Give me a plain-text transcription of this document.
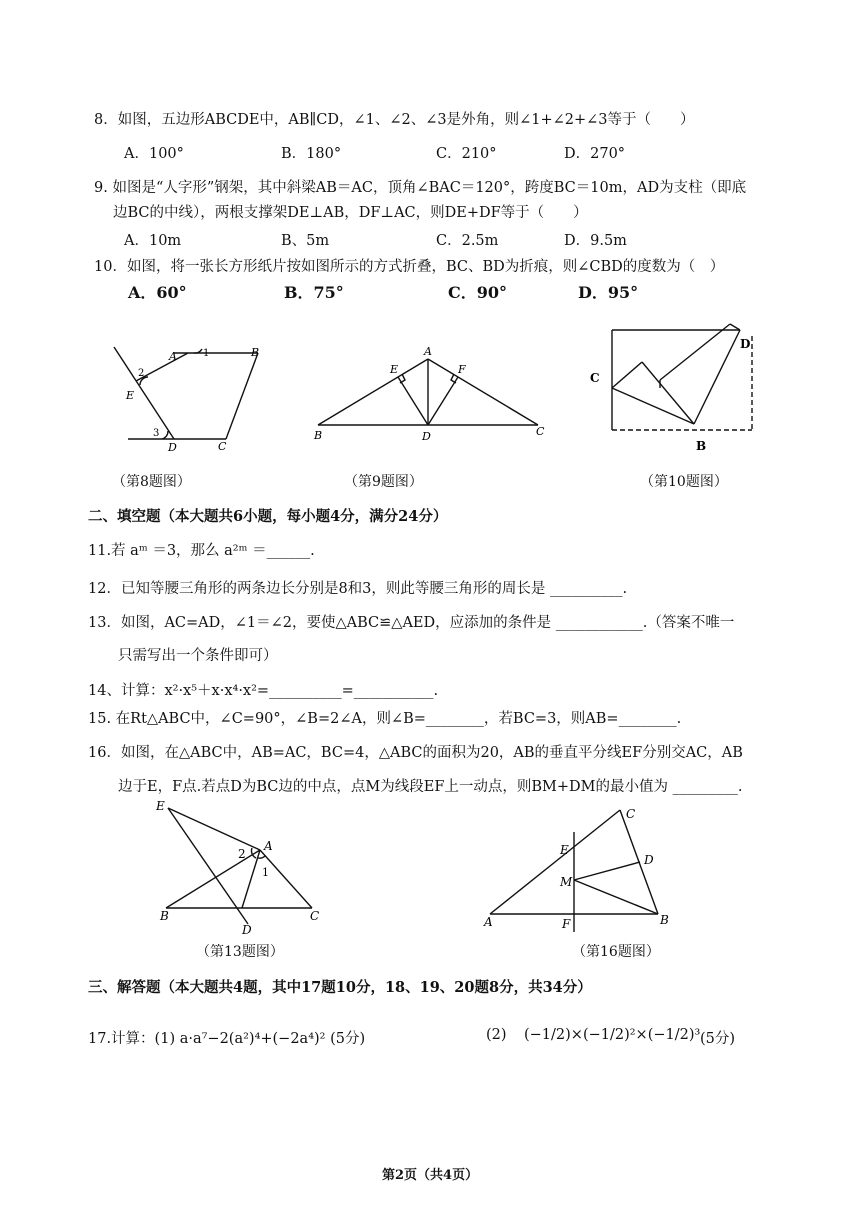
8．如图，五边形ABCDE中，AB∥CD，∠1、∠2、∠3是外角，则∠1+∠2+∠3等于（　　）
A．100°	B．180°	C．210°	D．270°
9. 如图是“人字形”钢架，其中斜梁AB＝AC，顶角∠BAC＝120°，跨度BC＝10m，AD为支柱（即底
边BC的中线），两根支撑架DE⊥AB，DF⊥AC，则DE+DF等于（　　）
A．10m	B、5m	C．2.5m	D．9.5m
10．如图，将一张长方形纸片按如图所示的方式折叠，BC、BD为折痕，则∠CBD的度数为（　）
A．60°	B．75°	C．90°	D．95°
A	B
C
D
E
1
2
3
A
B	C
D
E	F
C
B
D
（第8题图）	（第9题图）	（第10题图）
二、填空题（本大题共6小题，每小题4分，满分24分）
11.若 aᵐ ＝3，那么 a²ᵐ ＝______.
12．已知等腰三角形的两条边长分别是8和3，则此等腰三角形的周长是 __________.
13．如图，AC=AD，∠1＝∠2，要使△ABC≌△AED，应添加的条件是 ____________.（答案不唯一
只需写出一个条件即可）
14、计算：x²·x⁵＋x·x⁴·x²=__________=___________.
15. 在Rt△ABC中，∠C=90°，∠B=2∠A，则∠B=________，若BC=3，则AB=________.
16．如图，在△ABC中，AB=AC，BC=4，△ABC的面积为20，AB的垂直平分线EF分别交AC，AB
边于E，F点.若点D为BC边的中点，点M为线段EF上一动点，则BM+DM的最小值为 _________.
E
A
2
1
B	C
D
A	B
C
D
E
F
M
（第13题图）	（第16题图）
三、解答题（本大题共4题，其中17题10分，18、19、20题8分，共34分）
17.计算：(1) a·a⁷−2(a²)⁴+(−2a⁴)² (5分)	(2) (−1/2)×(−1/2)²×(−1/2)³ (5分)
第2页（共4页）
